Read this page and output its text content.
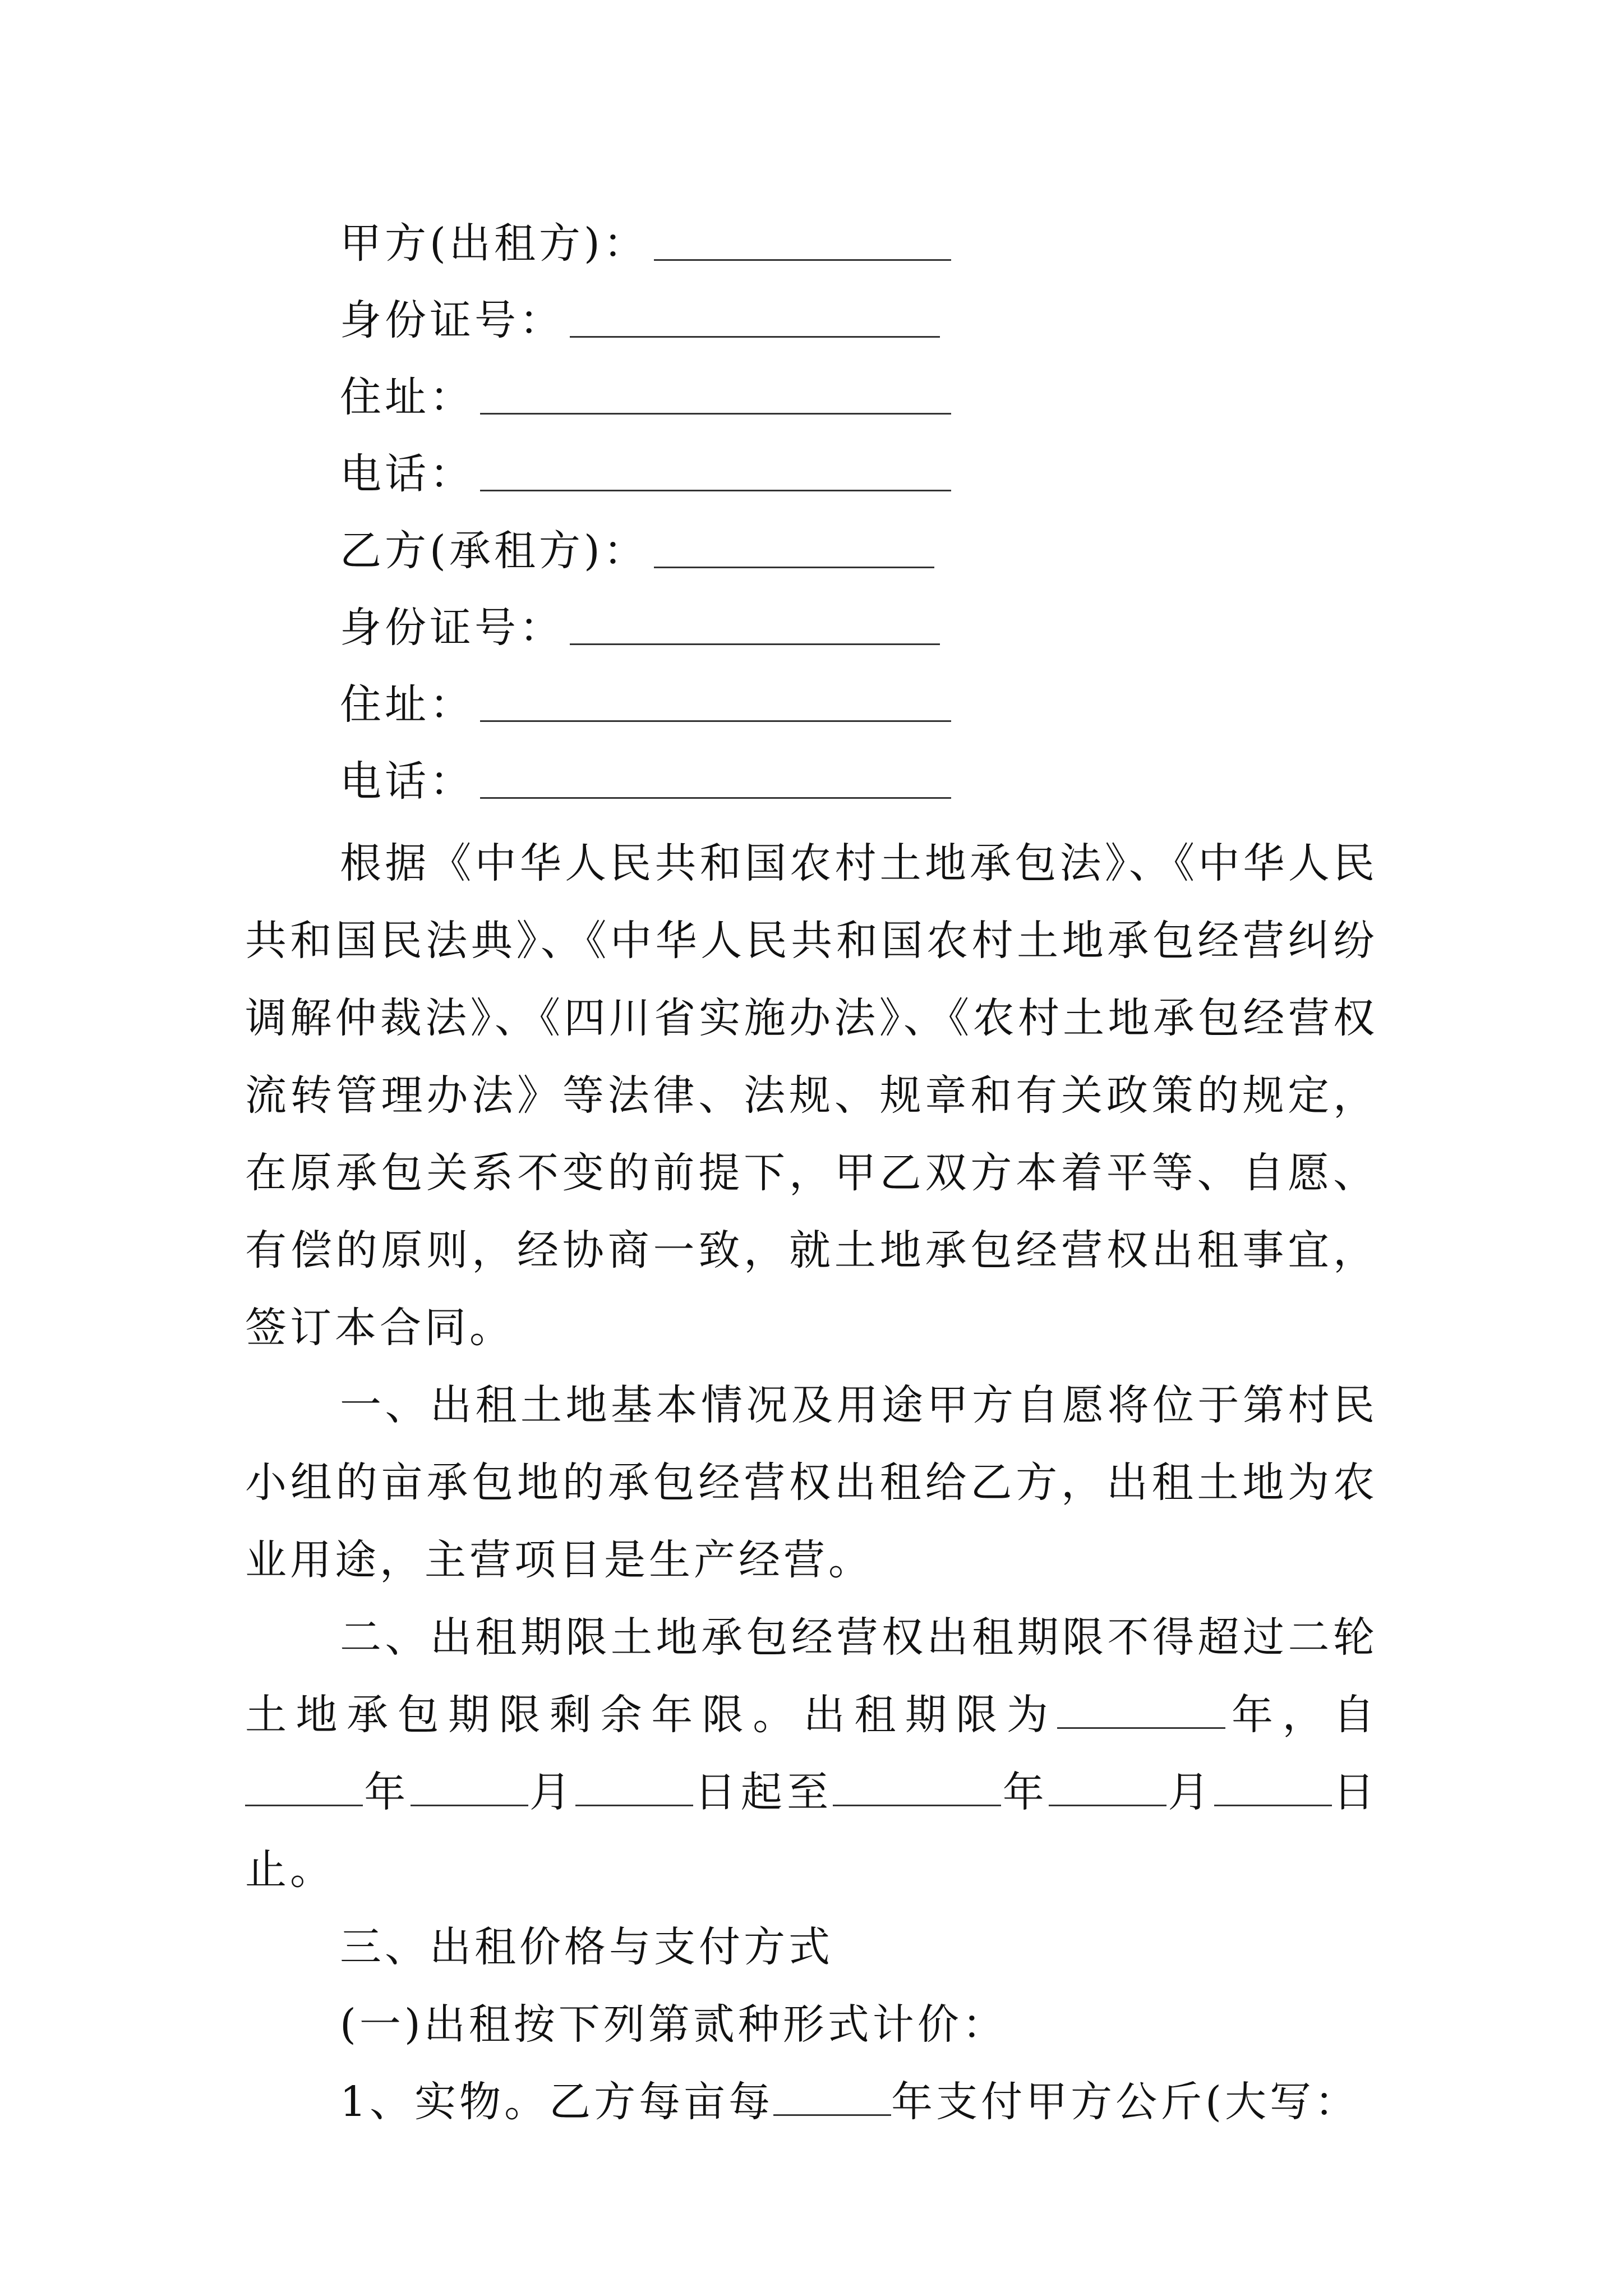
甲方(出租方)：
身份证号：
住址：
电话：
乙方(承租方)：
身份证号：
住址：
电话：

根据《中华人民共和国农村土地承包法》、《中华人民共和国民法典》、《中华人民共和国农村土地承包经营纠纷调解仲裁法》、《四川省实施办法》、《农村土地承包经营权流转管理办法》等法律、法规、规章和有关政策的规定，在原承包关系不变的前提下，甲乙双方本着平等、自愿、有偿的原则，经协商一致，就土地承包经营权出租事宜，签订本合同。

一、出租土地基本情况及用途甲方自愿将位于第村民小组的亩承包地的承包经营权出租给乙方，出租土地为农业用途，主营项目是生产经营。

二、出租期限土地承包经营权出租期限不得超过二轮土地承包期限剩余年限。出租期限为	年，自年	月	日起至	年	月	日止。

三、出租价格与支付方式

(一)出租按下列第贰种形式计价：

1、实物。乙方每亩每	年支付甲方公斤(大写：
